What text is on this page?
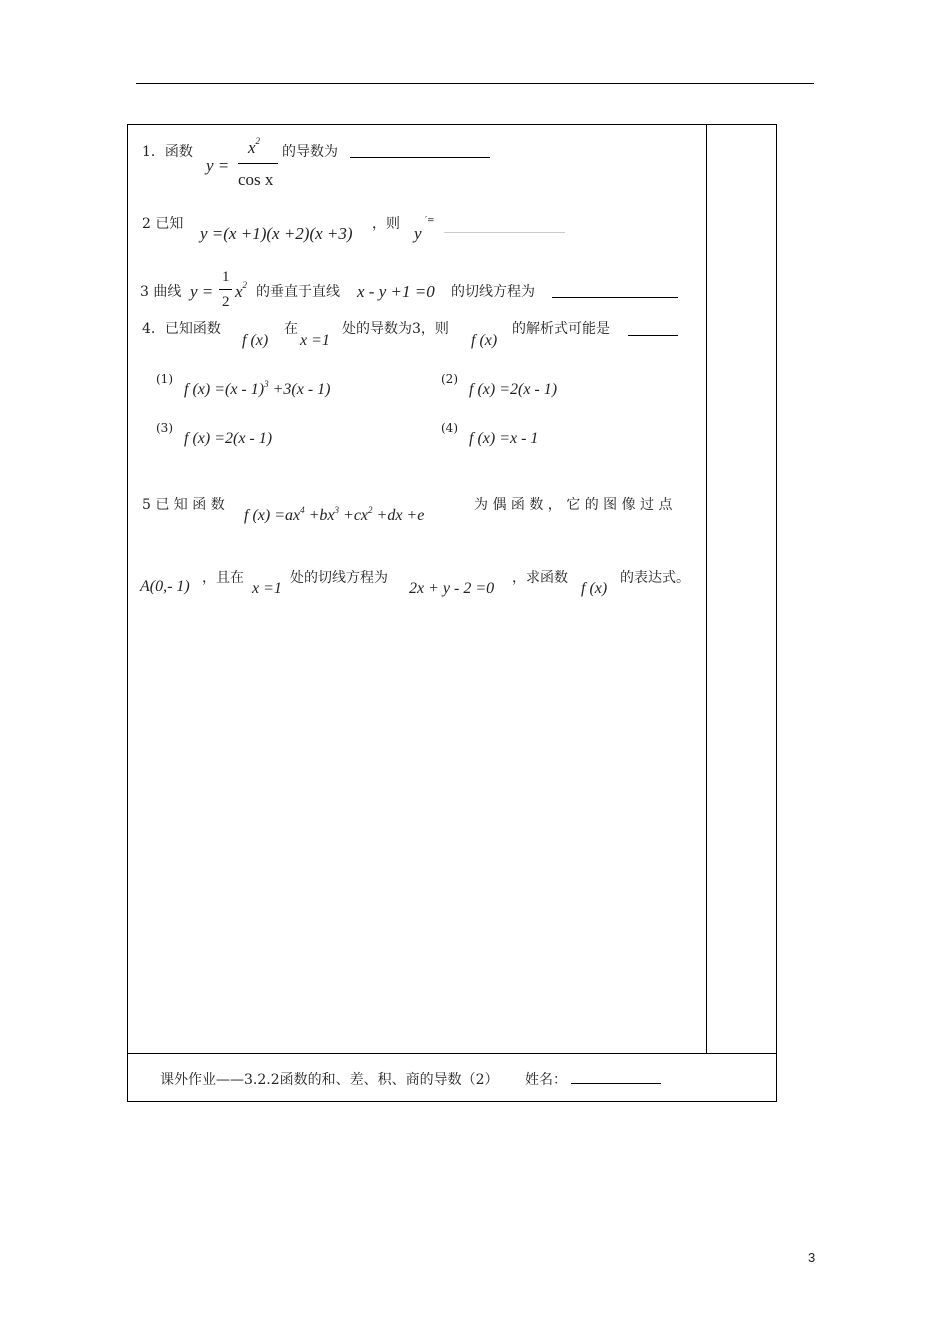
1．函数
y =
$x^2$
cos x
的导数为
2 已知 y =(x +1)(x +2)(x +3) ，则 y
′= ______________________
3 曲线 y =
1
2
$x^2$ 的垂直于直线 x - y +1 =0 的切线方程为
4．已知函数
f (x)
在
x =1
处的导数为3，则
f (x)
的解析式可能是
(1)
f (x) =(x - 1)$^3$ +3(x - 1)
(2)
f (x) =2(x - 1)
(3)
f (x) =2(x - 1)
(4)
f (x) =x - 1
5 已 知 函 数
f $(x) =ax^4 +bx^3 +cx^2 +dx +e$
为 偶 函 数 ， 它 的 图 像 过 点
A(0,- 1) ，且在
x =1
处的切线方程为
2x + y - 2 =0
，求函数
f (x)
的表达式。
课外作业——3.2.2函数的和、差、积、商的导数（2） 姓名：
3
